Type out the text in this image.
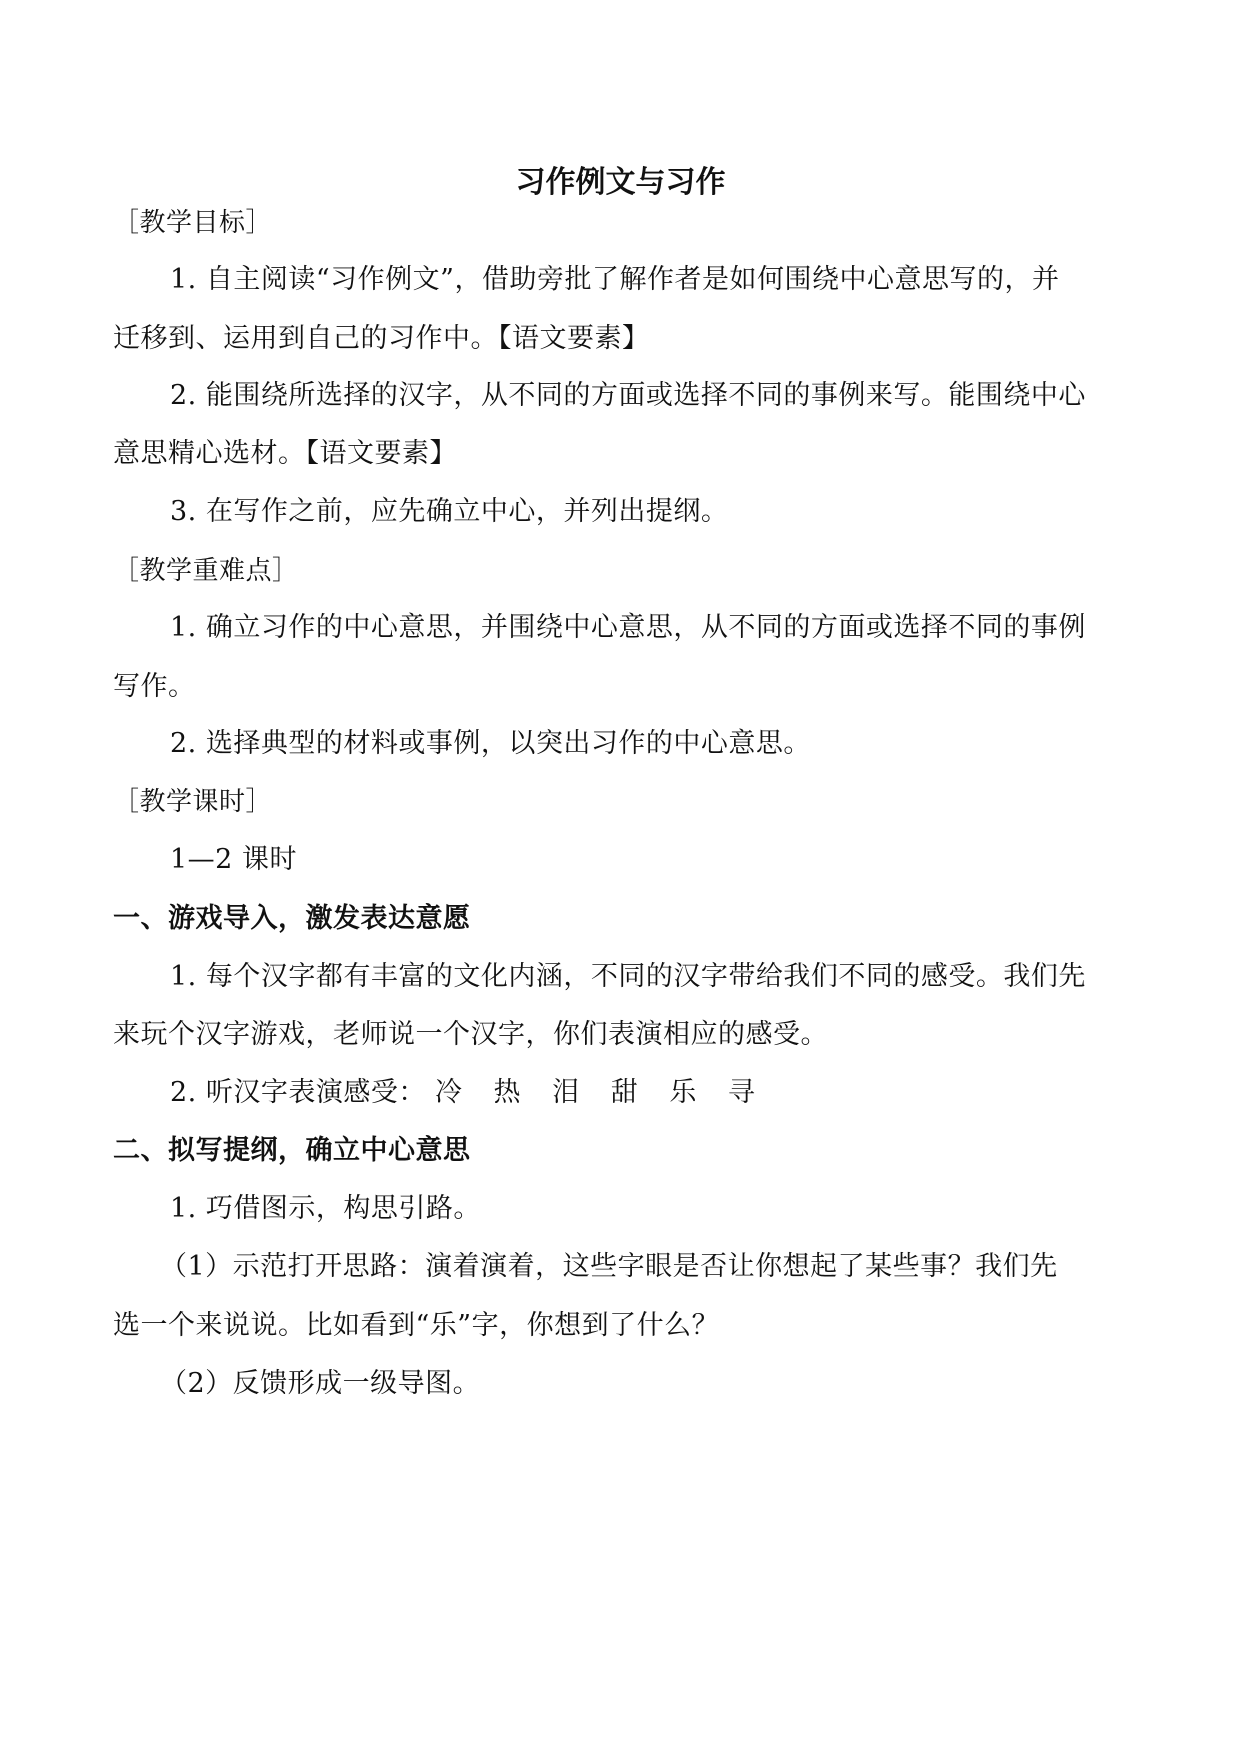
习作例文与习作
［教学目标］
1. 自主阅读“习作例文”，借助旁批了解作者是如何围绕中心意思写的，并
迁移到、运用到自己的习作中。【语文要素】
2. 能围绕所选择的汉字，从不同的方面或选择不同的事例来写。能围绕中心
意思精心选材。【语文要素】
3. 在写作之前，应先确立中心，并列出提纲。
［教学重难点］
1. 确立习作的中心意思，并围绕中心意思，从不同的方面或选择不同的事例
写作。
2. 选择典型的材料或事例，以突出习作的中心意思。
［教学课时］
1—2 课时
一、游戏导入，激发表达意愿
1. 每个汉字都有丰富的文化内涵，不同的汉字带给我们不同的感受。我们先
来玩个汉字游戏，老师说一个汉字，你们表演相应的感受。
2. 听汉字表演感受： 冷 热 泪 甜 乐 寻
二、拟写提纲，确立中心意思
1. 巧借图示，构思引路。
（1）示范打开思路：演着演着，这些字眼是否让你想起了某些事？我们先
选一个来说说。比如看到“乐”字，你想到了什么？
（2）反馈形成一级导图。
